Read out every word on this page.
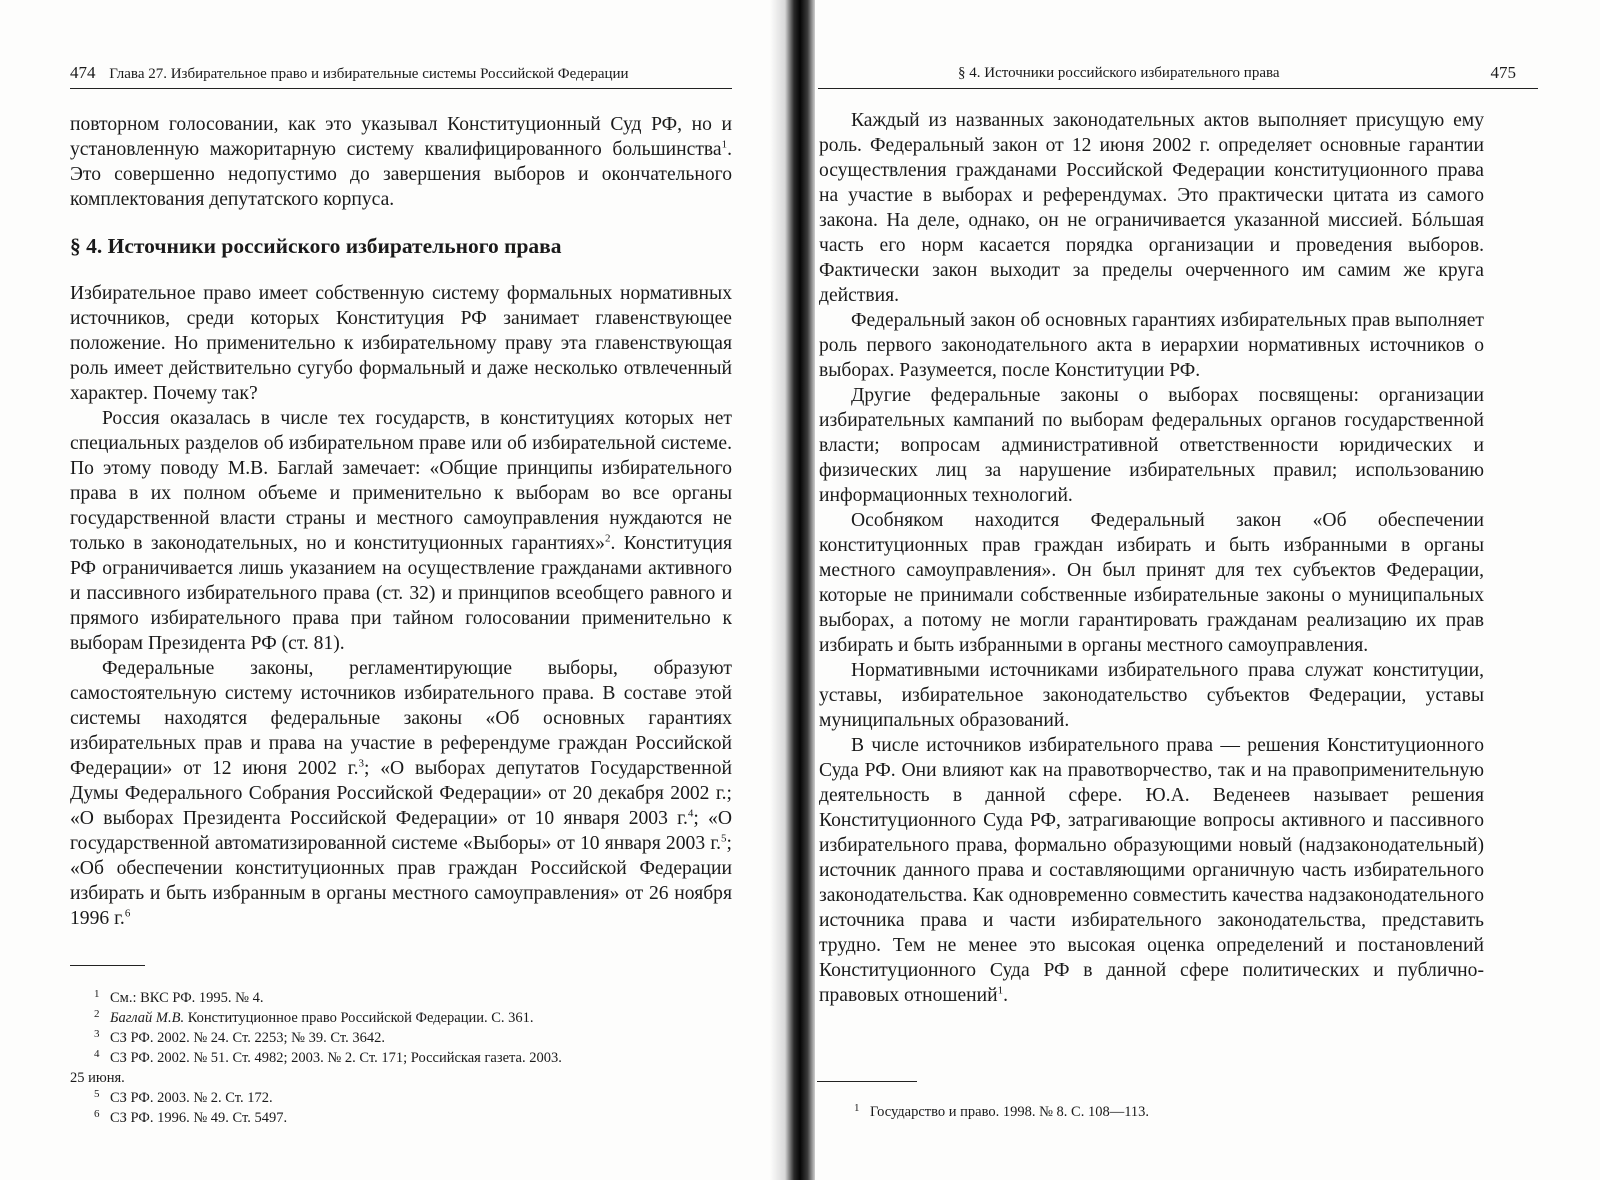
474 Глава 27. Избирательное право и избирательные системы Российской Федерации

повторном голосовании, как это указывал Конституционный Суд РФ, но и установленную мажоритарную систему квалифицированного большинства$^1$. Это совершенно недопустимо до завершения выборов и окончательного комплектования депутатского корпуса.

§ 4. Источники российского избирательного права

Избирательное право имеет собственную систему формальных нормативных источников, среди которых Конституция РФ занимает главенствующее положение. Но применительно к избирательному праву эта главенствующая роль имеет действительно сугубо формальный и даже несколько отвлеченный характер. Почему так?

Россия оказалась в числе тех государств, в конституциях которых нет специальных разделов об избирательном праве или об избирательной системе. По этому поводу М.В. Баглай замечает: «Общие принципы избирательного права в их полном объеме и применительно к выборам во все органы государственной власти страны и местного самоуправления нуждаются не только в законодательных, но и конституционных гарантиях»$^2$. Конституция РФ ограничивается лишь указанием на осуществление гражданами активного и пассивного избирательного права (ст. 32) и принципов всеобщего равного и прямого избирательного права при тайном голосовании применительно к выборам Президента РФ (ст. 81).

Федеральные законы, регламентирующие выборы, образуют самостоятельную систему источников избирательного права. В составе этой системы находятся федеральные законы «Об основных гарантиях избирательных прав и права на участие в референдуме граждан Российской Федерации» от 12 июня 2002 г.$^3$; «О выборах депутатов Государственной Думы Федерального Собрания Российской Федерации» от 20 декабря 2002 г.; «О выборах Президента Российской Федерации» от 10 января 2003 г.$^4$; «О государственной автоматизированной системе «Выборы» от 10 января 2003 г.$^5$; «Об обеспечении конституционных прав граждан Российской Федерации избирать и быть избранным в органы местного самоуправления» от 26 ноября 1996 г.$^6$

1 См.: ВКС РФ. 1995. № 4.
2 Баглай М.В. Конституционное право Российской Федерации. С. 361.
3 СЗ РФ. 2002. № 24. Ст. 2253; № 39. Ст. 3642.
4 СЗ РФ. 2002. № 51. Ст. 4982; 2003. № 2. Ст. 171; Российская газета. 2003.
25 июня.
5 СЗ РФ. 2003. № 2. Ст. 172.
6 СЗ РФ. 1996. № 49. Ст. 5497.
§ 4. Источники российского избирательного права	475

Каждый из названных законодательных актов выполняет присущую ему роль. Федеральный закон от 12 июня 2002 г. определяет основные гарантии осуществления гражданами Российской Федерации конституционного права на участие в выборах и референдумах. Это практически цитата из самого закона. На деле, однако, он не ограничивается указанной миссией. Бóльшая часть его норм касается порядка организации и проведения выборов. Фактически закон выходит за пределы очерченного им самим же круга действия.

Федеральный закон об основных гарантиях избирательных прав выполняет роль первого законодательного акта в иерархии нормативных источников о выборах. Разумеется, после Конституции РФ.

Другие федеральные законы о выборах посвящены: организации избирательных кампаний по выборам федеральных органов государственной власти; вопросам административной ответственности юридических и физических лиц за нарушение избирательных правил; использованию информационных технологий.

Особняком находится Федеральный закон «Об обеспечении конституционных прав граждан избирать и быть избранными в органы местного самоуправления». Он был принят для тех субъектов Федерации, которые не принимали собственные избирательные законы о муниципальных выборах, а потому не могли гарантировать гражданам реализацию их прав избирать и быть избранными в органы местного самоуправления.

Нормативными источниками избирательного права служат конституции, уставы, избирательное законодательство субъектов Федерации, уставы муниципальных образований.

В числе источников избирательного права — решения Конституционного Суда РФ. Они влияют как на правотворчество, так и на правоприменительную деятельность в данной сфере. Ю.А. Веденеев называет решения Конституционного Суда РФ, затрагивающие вопросы активного и пассивного избирательного права, формально образующими новый (надзаконодательный) источник данного права и составляющими органичную часть избирательного законодательства. Как одновременно совместить качества надзаконодательного источника права и части избирательного законодательства, представить трудно. Тем не менее это высокая оценка определений и постановлений Конституционного Суда РФ в данной сфере политических и публично-правовых отношений$^1$.

1 Государство и право. 1998. № 8. С. 108—113.
